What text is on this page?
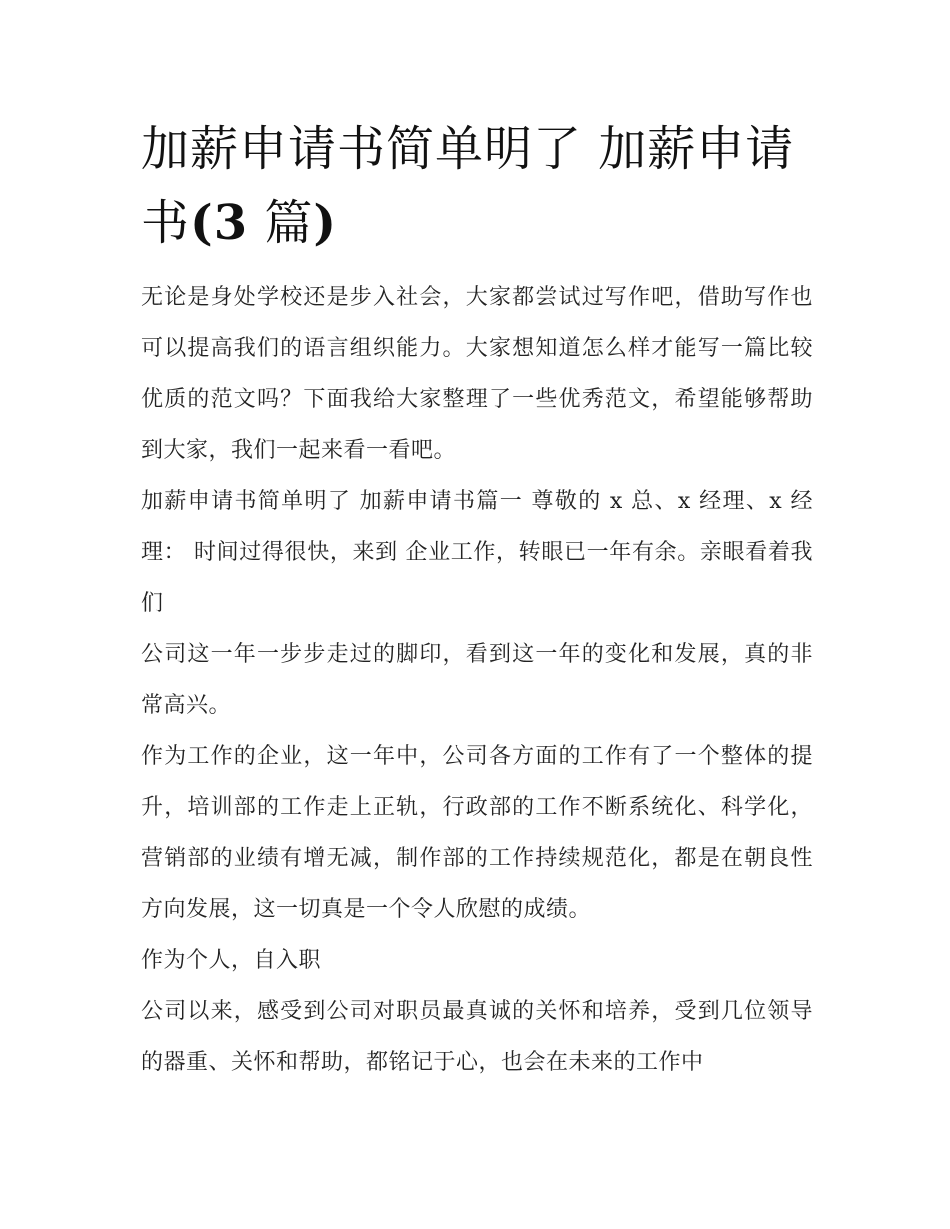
加薪申请书简单明了 加薪申请
书(3 篇)

无论是身处学校还是步入社会，大家都尝试过写作吧，借助写作也可以提高我们的语言组织能力。大家想知道怎么样才能写一篇比较优质的范文吗？下面我给大家整理了一些优秀范文，希望能够帮助到大家，我们一起来看一看吧。

加薪申请书简单明了 加薪申请书篇一 尊敬的 x 总、x 经理、x 经理： 时间过得很快，来到 企业工作，转眼已一年有余。亲眼看着我们

公司这一年一步步走过的脚印，看到这一年的变化和发展，真的非常高兴。

作为工作的企业，这一年中，公司各方面的工作有了一个整体的提升，培训部的工作走上正轨，行政部的工作不断系统化、科学化，营销部的业绩有增无减，制作部的工作持续规范化，都是在朝良性方向发展，这一切真是一个令人欣慰的成绩。

作为个人，自入职

公司以来，感受到公司对职员最真诚的关怀和培养，受到几位领导的器重、关怀和帮助，都铭记于心，也会在未来的工作中
